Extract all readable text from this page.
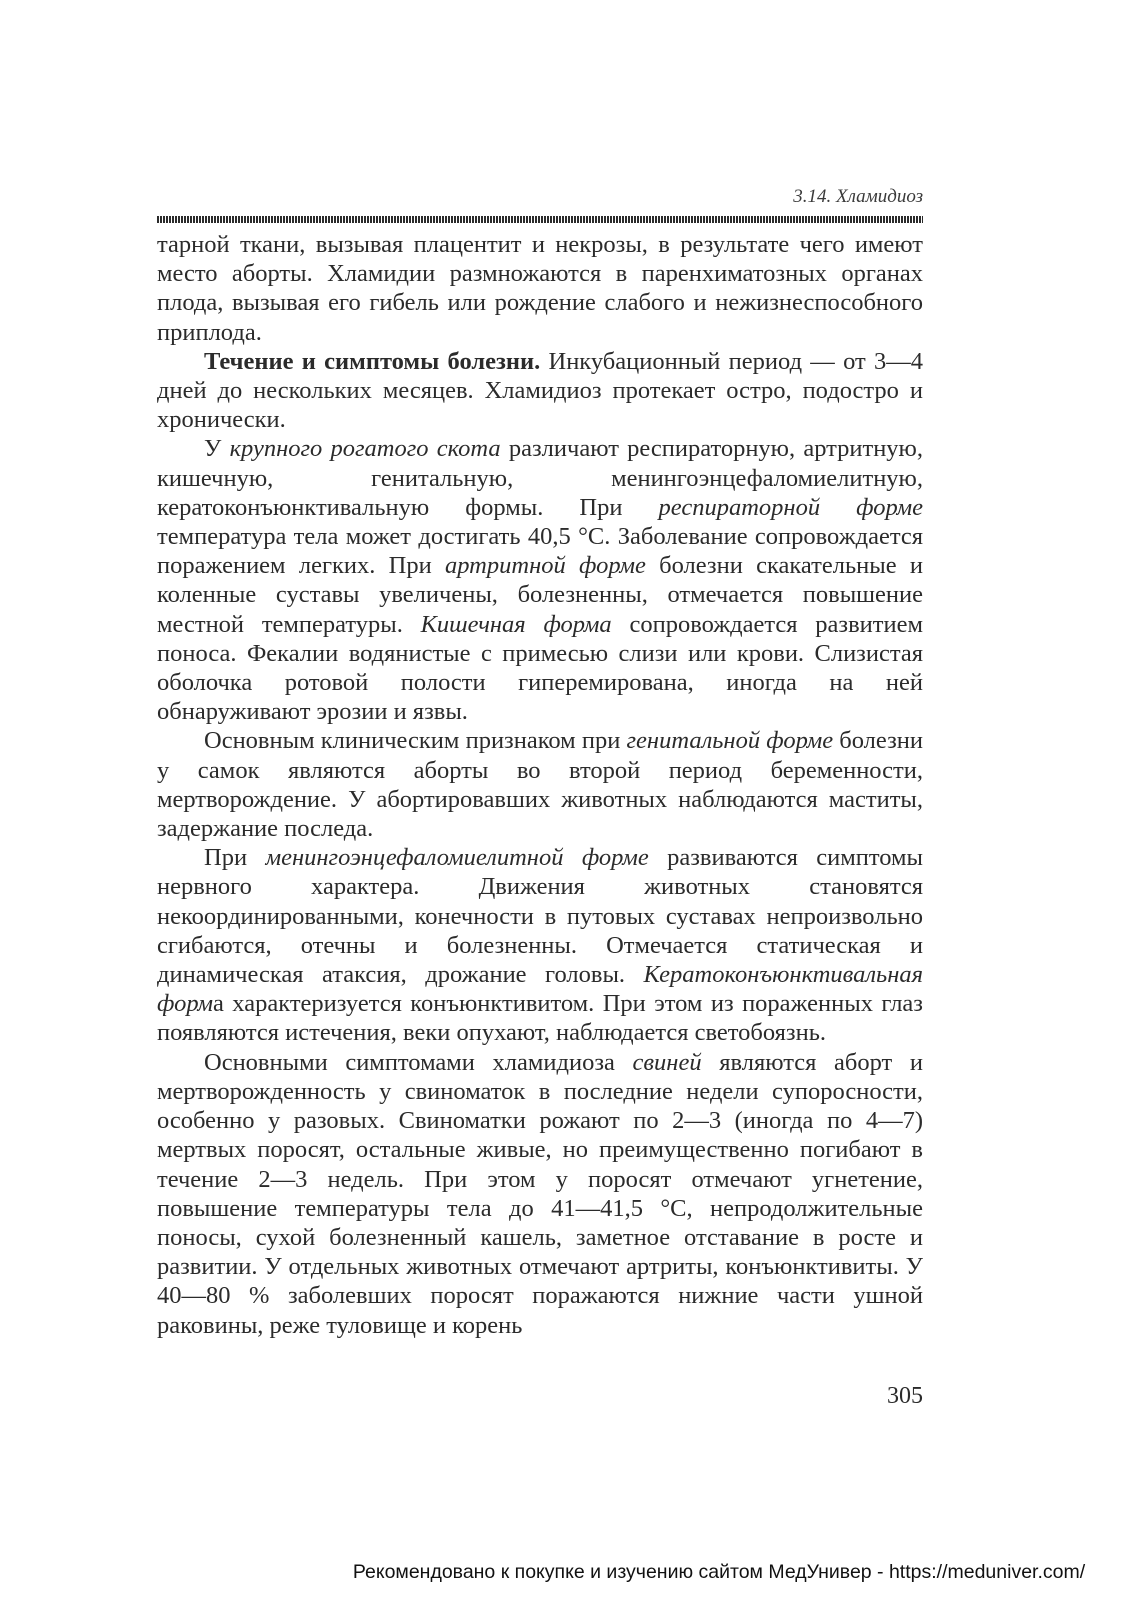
3.14. Хламидиоз

тарной ткани, вызывая плацентит и некрозы, в результате чего имеют место аборты. Хламидии размножаются в паренхиматозных органах плода, вызывая его гибель или рождение слабого и нежизнеспособного приплода.

Течение и симптомы болезни. Инкубационный период — от 3—4 дней до нескольких месяцев. Хламидиоз протекает остро, подостро и хронически.

У крупного рогатого скота различают респираторную, артритную, кишечную, генитальную, менингоэнцефаломиелитную, кератоконъюнктивальную формы. При респираторной форме температура тела может достигать 40,5 °С. Заболевание сопровождается поражением легких. При артритной форме болезни скакательные и коленные суставы увеличены, болезненны, отмечается повышение местной температуры. Кишечная форма сопровождается развитием поноса. Фекалии водянистые с примесью слизи или крови. Слизистая оболочка ротовой полости гиперемирована, иногда на ней обнаруживают эрозии и язвы.

Основным клиническим признаком при генитальной форме болезни у самок являются аборты во второй период беременности, мертворождение. У абортировавших животных наблюдаются маститы, задержание последа.

При менингоэнцефаломиелитной форме развиваются симптомы нервного характера. Движения животных становятся некоординированными, конечности в путовых суставах непроизвольно сгибаются, отечны и болезненны. Отмечается статическая и динамическая атаксия, дрожание головы. Кератоконъюнктивальная форма характеризуется конъюнктивитом. При этом из пораженных глаз появляются истечения, веки опухают, наблюдается светобоязнь.

Основными симптомами хламидиоза свиней являются аборт и мертворожденность у свиноматок в последние недели супоросности, особенно у разовых. Свиноматки рожают по 2—3 (иногда по 4—7) мертвых поросят, остальные живые, но преимущественно погибают в течение 2—3 недель. При этом у поросят отмечают угнетение, повышение температуры тела до 41—41,5 °С, непродолжительные поносы, сухой болезненный кашель, заметное отставание в росте и развитии. У отдельных животных отмечают артриты, конъюнктивиты. У 40—80 % заболевших поросят поражаются нижние части ушной раковины, реже туловище и корень

305
Рекомендовано к покупке и изучению сайтом МедУнивер - https://meduniver.com/
